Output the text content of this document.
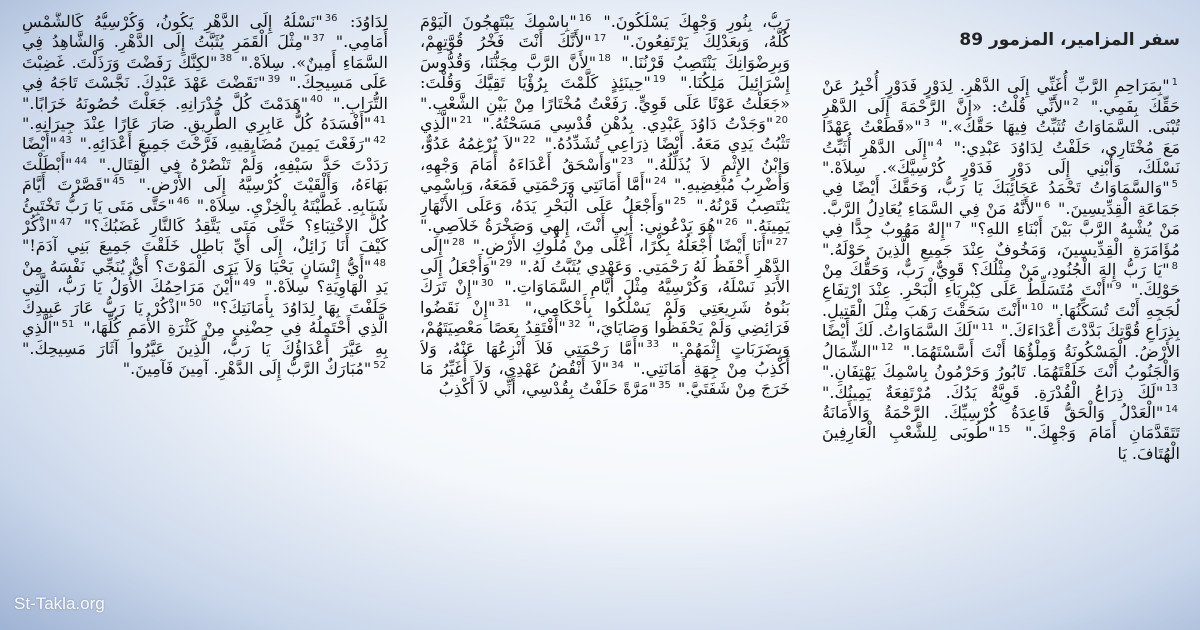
سفر المزامير، المزمور 89
$^1$"بِمَرَاحِمِ الرَّبِّ أُغَنِّي إِلَى الدَّهْرِ. لِدَوْرٍ فَدَوْرٍ أُخْبِرُ عَنْ حَقِّكَ بِفَمِي." $^2$"لأَنِّي قُلْتُ: «إِنَّ الرَّحْمَةَ إِلَى الدَّهْرِ تُبْنَى. السَّمَاوَاتُ تُثَبِّتُ فِيهَا حَقَّكَ»." $^3$"«قَطَعْتُ عَهْدًا مَعَ مُخْتَارِي، حَلَفْتُ لِدَاوُدَ عَبْدِي:" $^4$"إِلَى الدَّهْرِ أُثَبِّتُ نَسْلَكَ، وَأَبْنِي إِلَى دَوْرٍ فَدَوْرٍ كُرْسِيَّكَ». سِلاَهْ." $^5$"وَالسَّمَاوَاتُ تَحْمَدُ عَجَائِبَكَ يَا رَبُّ، وَحَقَّكَ أَيْضًا فِي جَمَاعَةِ الْقِدِّيسِينَ." $^6$"لأَنَّهُ مَنْ فِي السَّمَاءِ يُعَادِلُ الرَّبَّ. مَنْ يُشْبِهُ الرَّبَّ بَيْنَ أَبْنَاءِ اللهِ؟" $^7$"إِلهٌ مَهُوبٌ جِدًّا فِي مُؤَامَرَةِ الْقِدِّيسِينَ، وَمَخُوفٌ عِنْدَ جَمِيعِ الَّذِينَ حَوْلَهُ." $^8$"يَا رَبُّ إِلهَ الْجُنُودِ، مَنْ مِثْلُكَ؟ قَوِيٌّ، رَبٌّ، وَحَقُّكَ مِنْ حَوْلِكَ." $^9$"أَنْتَ مُتَسَلِّطٌ عَلَى كِبْرِيَاءِ الْبَحْرِ. عِنْدَ ارْتِفَاعِ لُجَجِهِ أَنْتَ تُسَكِّنُهَا." $^{10}$"أَنْتَ سَحَقْتَ رَهَبَ مِثْلَ الْقَتِيلِ. بِذِرَاعِ قُوَّتِكَ بَدَّدْتَ أَعْدَاءَكَ." $^{11}$"لَكَ السَّمَاوَاتُ. لَكَ أَيْضًا الأَرْضُ. الْمَسْكُونَةُ وَمِلْؤُهَا أَنْتَ أَسَّسْتَهُمَا." $^{12}$"الشِّمَالُ وَالْجَنُوبُ أَنْتَ خَلَقْتَهُمَا. تَابُورُ وَحَرْمُونُ بِاسْمِكَ يَهْتِفَانِ." $^{13}$"لَكَ ذِرَاعُ الْقُدْرَةِ. قَوِيَّةٌ يَدُكَ. مُرْتَفِعَةٌ يَمِينُكَ." $^{14}$"الْعَدْلُ وَالْحَقُّ قَاعِدَةُ كُرْسِيِّكَ. الرَّحْمَةُ وَالأَمَانَةُ تَتَقَدَّمَانِ أَمَامَ وَجْهِكَ." $^{15}$"طُوبَى لِلشَّعْبِ الْعَارِفِينَ الْهُتَافَ. يَا
رَبُّ، بِنُورِ وَجْهِكَ يَسْلُكُونَ." $^{16}$"بِاسْمِكَ يَبْتَهِجُونَ الْيَوْمَ كُلَّهُ، وَبِعَدْلِكَ يَرْتَفِعُونَ." $^{17}$"لأَنَّكَ أَنْتَ فَخْرُ قُوَّتِهِمْ، وَبِرِضْوَانِكَ يَنْتَصِبُ قَرْنُنَا." $^{18}$"لأَنَّ الرَّبَّ مِجَنُّنَا، وَقُدُّوسَ إِسْرَائِيلَ مَلِكُنَا." $^{19}$"حِينَئِذٍ كَلَّمْتَ بِرُؤْيَا تَقِيَّكَ وَقُلْتَ: «جَعَلْتُ عَوْنًا عَلَى قَوِيٍّ. رَفَعْتُ مُخْتَارًا مِنْ بَيْنِ الشَّعْبِ." $^{20}$"وَجَدْتُ دَاوُدَ عَبْدِي. بِدُهْنِ قُدْسِي مَسَحْتُهُ." $^{21}$"الَّذِي تَثْبُتُ يَدِي مَعَهُ. أَيْضًا ذِرَاعِي تُشَدِّدُهُ." $^{22}$"لاَ يُرْغِمُهُ عَدُوٌّ، وَابْنُ الإِثْمِ لاَ يُذَلِّلُهُ." $^{23}$"وَأَسْحَقُ أَعْدَاءَهُ أَمَامَ وَجْهِهِ، وَأَضْرِبُ مُبْغِضِيهِ." $^{24}$"أَمَّا أَمَانَتِي وَرَحْمَتِي فَمَعَهُ، وَبِاسْمِي يَنْتَصِبُ قَرْنُهُ." $^{25}$"وَأَجْعَلُ عَلَى الْبَحْرِ يَدَهُ، وَعَلَى الأَنْهَارِ يَمِينَهُ." $^{26}$"هُوَ يَدْعُونِي: أَبِي أَنْتَ، إِلهِي وَصَخْرَةُ خَلاَصِي." $^{27}$"أَنَا أَيْضًا أَجْعَلُهُ بِكْرًا، أَعْلَى مِنْ مُلُوكِ الأَرْضِ." $^{28}$"إِلَى الدَّهْرِ أَحْفَظُ لَهُ رَحْمَتِي. وَعَهْدِي يُثَبَّتُ لَهُ." $^{29}$"وَأَجْعَلُ إِلَى الأَبَدِ نَسْلَهُ، وَكُرْسِيَّهُ مِثْلَ أَيَّامِ السَّمَاوَاتِ." $^{30}$"إِنْ تَرَكَ بَنُوهُ شَرِيعَتِي وَلَمْ يَسْلُكُوا بِأَحْكَامِي،" $^{31}$"إِنْ نَقَضُوا فَرَائِضِي وَلَمْ يَحْفَظُوا وَصَايَايَ،" $^{32}$"أَفْتَقِدُ بِعَصًا مَعْصِيَتَهُمْ، وَبِضَرَبَاتٍ إِثْمَهُمْ." $^{33}$"أَمَّا رَحْمَتِي فَلاَ أَنْزِعُهَا عَنْهُ، وَلاَ أَكْذِبُ مِنْ جِهَةِ أَمَانَتِي." $^{34}$"لاَ أَنْقُضُ عَهْدِي، وَلاَ أُغَيِّرُ مَا خَرَجَ مِنْ شَفَتَيَّ." $^{35}$"مَرَّةً حَلَفْتُ بِقُدْسِي، أَنِّي لاَ أَكْذِبُ
لِدَاوُدَ: $^{36}$"نَسْلُهُ إِلَى الدَّهْرِ يَكُونُ، وَكُرْسِيُّهُ كَالشَّمْسِ أَمَامِي." $^{37}$"مِثْلَ الْقَمَرِ يُثَبَّتُ إِلَى الدَّهْرِ. وَالشَّاهِدُ فِي السَّمَاءِ أَمِينٌ». سِلاَهْ." $^{38}$"لكِنَّكَ رَفَضْتَ وَرَذَلْتَ. غَضِبْتَ عَلَى مَسِيحِكَ." $^{39}$"نَقَضْتَ عَهْدَ عَبْدِكَ. نَجَّسْتَ تَاجَهُ فِي التُّرَابِ." $^{40}$"هَدَمْتَ كُلَّ جُدْرَانِهِ. جَعَلْتَ حُصُونَهُ خَرَابًا." $^{41}$"أَفْسَدَهُ كُلُّ عَابِرِي الطَّرِيقِ. صَارَ عَارًا عِنْدَ جِيرَانِهِ." $^{42}$"رَفَعْتَ يَمِينَ مُضَايِقِيهِ، فَرَّحْتَ جَمِيعَ أَعْدَائِهِ." $^{43}$"أَيْضًا رَدَدْتَ حَدَّ سَيْفِهِ، وَلَمْ تَنْصُرْهُ فِي الْقِتَالِ." $^{44}$"أَبْطَلْتَ بَهَاءَهُ، وَأَلْقَيْتَ كُرْسِيَّهُ إِلَى الأَرْضِ." $^{45}$"قَصَّرْتَ أَيَّامَ شَبَابِهِ. غَطَّيْتَهُ بِالْخِزْيِ. سِلاَهْ." $^{46}$"حَتَّى مَتَى يَا رَبُّ تَخْتَبِئُ كُلَّ الاخْتِبَاءِ؟ حَتَّى مَتَى يَتَّقِدُ كَالنَّارِ غَضَبُكَ؟" $^{47}$"اذْكُرْ كَيْفَ أَنَا زَائِلٌ، إِلَى أَيِّ بَاطِل خَلَقْتَ جَمِيعَ بَنِي آدَمَ!" $^{48}$"أَيُّ إِنْسَانٍ يَحْيَا وَلاَ يَرَى الْمَوْتَ؟ أَيٌّ يُنَجِّي نَفْسَهُ مِنْ يَدِ الْهَاوِيَةِ؟ سِلاَهْ." $^{49}$"أَيْنَ مَرَاحِمُكَ الأُوَلُ يَا رَبُّ، الَّتِي حَلَفْتَ بِهَا لِدَاوُدَ بِأَمَانَتِكَ؟" $^{50}$"اذْكُرْ يَا رَبُّ عَارَ عَبِيدِكَ الَّذِي أَحْتَمِلُهُ فِي حِضْنِي مِنْ كَثْرَةِ الأُمَمِ كُلِّهَا،" $^{51}$"الَّذِي بِهِ عَيَّرَ أَعْدَاؤُكَ يَا رَبُّ، الَّذِينَ عَيَّرُوا آثَارَ مَسِيحِكَ." $^{52}$"مُبَارَكٌ الرَّبُّ إِلَى الدَّهْرِ. آمِينَ فَآمِينَ."
St-Takla.org
